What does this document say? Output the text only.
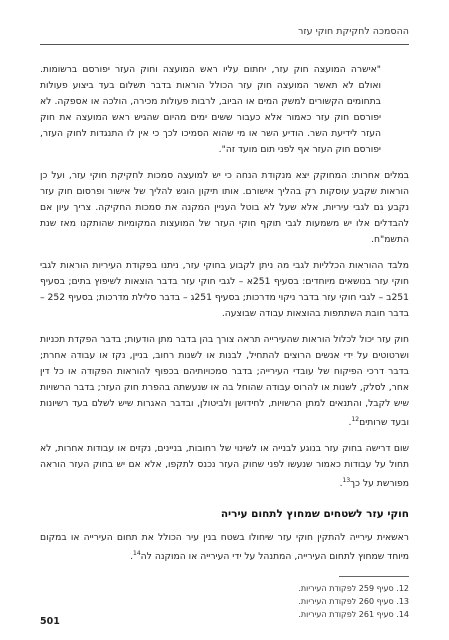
ההסמכה לחקיקת חוקי עזר

"אישרה המועצה חוק עזר, יחתום עליו ראש המועצה וחוק העזר יפורסם ברשומות. ואולם לא תאשר המועצה חוק עזר הכולל הוראות בדבר תשלום בעד ביצוע פעולות בתחומים הקשורים למשק המים או הביוב, לרבות פעולות מכירה, הולכה או אספקה. לא יפורסם חוק עזר כאמור אלא כעבור ששים ימים מהיום שהגיש ראש המועצה את חוק העזר לידיעת השר. הודיע השר או מי שהוא הסמיכו לכך כי אין לו התנגדות לחוק העזר, יפורסם חוק העזר אף לפני תום מועד זה".

במלים אחרות: המחוקק יצא מנקודת הנחה כי יש למועצה סמכות לחקיקת חוקי עזר, ועל כן הוראות שקבע עוסקות רק בהליך אישורם. אותו תיקון הוגש להליך של אישור ופרסום חוק עזר נקבע גם לגבי עיריות, אלא שעל לא בוטל העניין המקנה את סמכות החקיקה. צריך עיון אם להבדלים אלו יש משמעות לגבי תוקף חוקי העזר של המועצות המקומיות שהותקנו מאז שנת התשמ"ח.

מלבד ההוראות הכלליות לגבי מה ניתן לקבוע בחוקי עזר, ניתנו בפקודת העיריות הוראות לגבי חוקי עזר בנושאים מיוחדים: בסעיף 251א – לגבי חוקי עזר בדבר הוצאות לשיפוץ בתים; בסעיף 251ב – לגבי חוקי עזר בדבר ניקוי מדרכות; בסעיף 251ג – בדבר סלילת מדרכות; בסעיף 252 – בדבר חובת השתתפות בהוצאות עבודה שבוצעה.

חוק עזר יכול לכלול הוראות שהעירייה תראה צורך בהן בדבר מתן הודעות; בדבר הפקדת תכניות ושרטוטים על ידי אנשים הרוצים להתחיל, לבנות או לשנות רחוב, בניין, נקז או עבודה אחרת; בדבר דרכי הפיקוח של עובדי העירייה; בדבר סמכויותיהם בכפוף להוראות הפקודה או כל דין אחר, לסלק, לשנות או להרוס עבודה שהוחל בה או שנעשתה בהפרת חוק העזר; בדבר הרשויות שיש לקבל, והתנאים למתן הרשויות, לחידושן ולביטולן, ובדבר האגרות שיש לשלם בעד רשיונות ובעד שרותים$^{12}$.

שום דרישה בחוק עזר בנוגע לבנייה או לשינוי של רחובות, בניינים, נקזים או עבודות אחרות, לא תחול על עבודות כאמור שנעשו לפני שחוק העזר נכנס לתקפו, אלא אם יש בחוק העזר הוראה מפורשת על כך$^{13}$.

חוקי עזר לשטחים שמחוץ לתחום עיריה

ראשאית עירייה להתקין חוקי עזר שיחולו בשטח בנין עיר הכולל את תחום העירייה או במקום מיוחד שמחוץ לתחום העירייה, המתנהל על ידי העירייה או המוקנה לה$^{14}$.

12. סעיף 259 לפקודת העיריות.
13. סעיף 260 לפקודת העיריות.
14. סעיף 261 לפקודת העיריות.
501
